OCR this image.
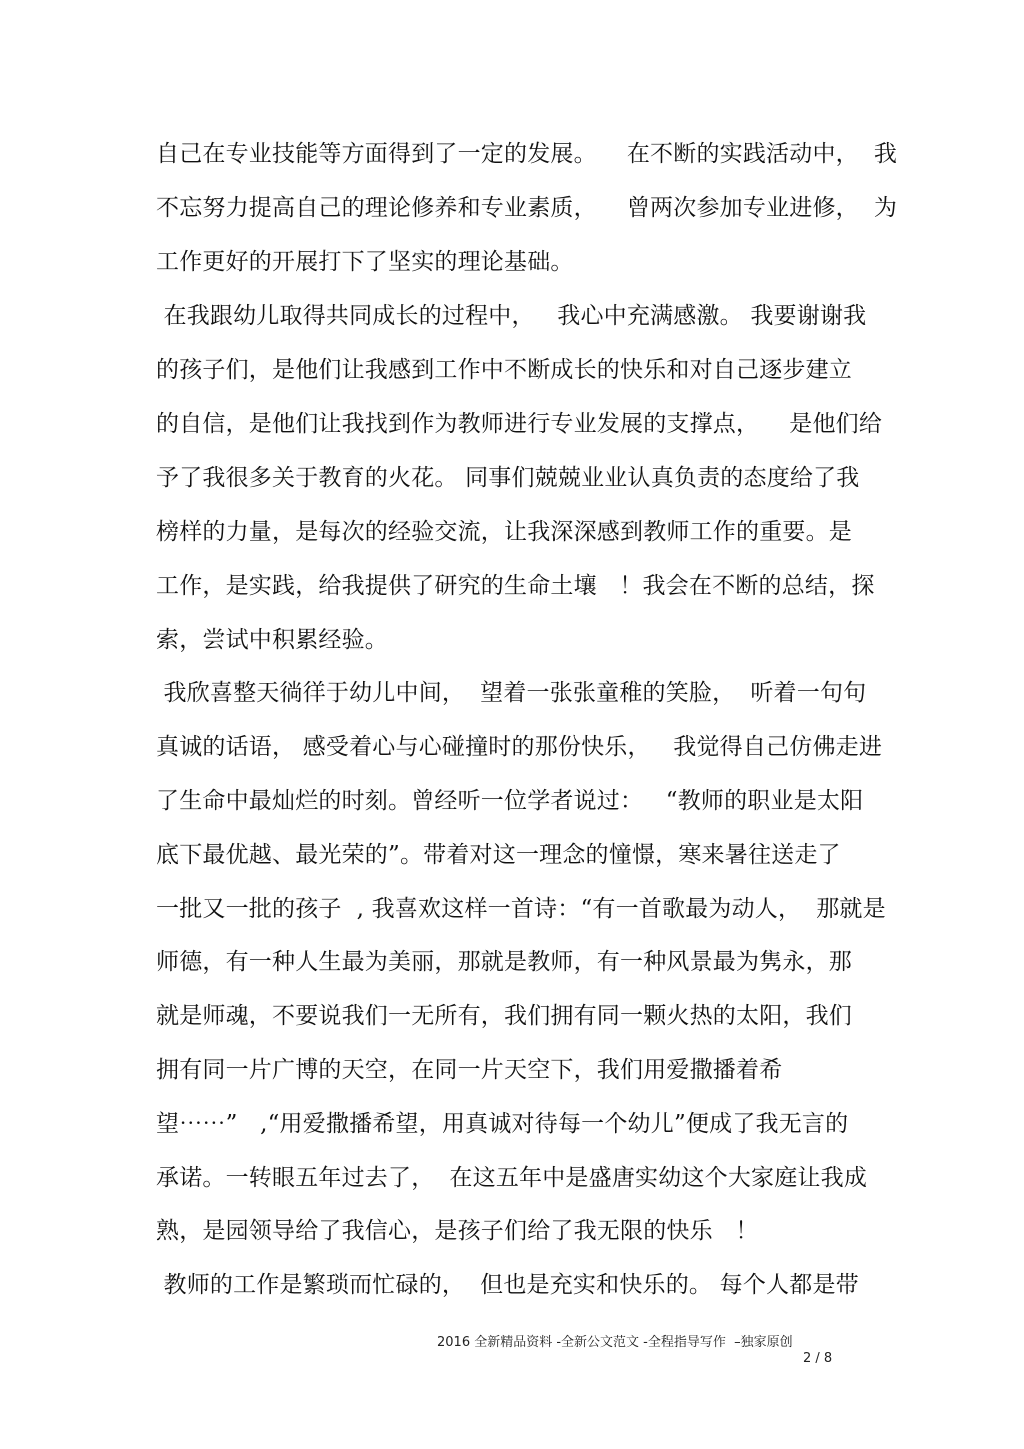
自己在专业技能等方面得到了一定的发展。    在不断的实践活动中，  我
不忘努力提高自己的理论修养和专业素质，    曾两次参加专业进修，  为
工作更好的开展打下了坚实的理论基础。
在我跟幼儿取得共同成长的过程中，   我心中充满感激。 我要谢谢我
的孩子们，是他们让我感到工作中不断成长的快乐和对自己逐步建立
的自信，是他们让我找到作为教师进行专业发展的支撑点，    是他们给
予了我很多关于教育的火花。 同事们兢兢业业认真负责的态度给了我
榜样的力量，是每次的经验交流，让我深深感到教师工作的重要。是
工作，是实践，给我提供了研究的生命土壤   ！我会在不断的总结，探
索，尝试中积累经验。
我欣喜整天徜徉于幼儿中间，  望着一张张童稚的笑脸，  听着一句句
真诚的话语， 感受着心与心碰撞时的那份快乐，   我觉得自己仿佛走进
了生命中最灿烂的时刻。曾经听一位学者说过：   “教师的职业是太阳
底下最优越、最光荣的”。带着对这一理念的憧憬，寒来暑往送走了
一批又一批的孩子  , 我喜欢这样一首诗：“有一首歌最为动人，  那就是
师德，有一种人生最为美丽，那就是教师，有一种风景最为隽永，那
就是师魂，不要说我们一无所有，我们拥有同一颗火热的太阳，我们
拥有同一片广博的天空，在同一片天空下，我们用爱撒播着希
望⋯⋯”   ,“用爱撒播希望，用真诚对待每一个幼儿”便成了我无言的
承诺。一转眼五年过去了，  在这五年中是盛唐实幼这个大家庭让我成
熟，是园领导给了我信心，是孩子们给了我无限的快乐   ！
教师的工作是繁琐而忙碌的，  但也是充实和快乐的。 每个人都是带
2016 全新精品资料 -全新公文范文 -全程指导写作  –独家原创
2 / 8
